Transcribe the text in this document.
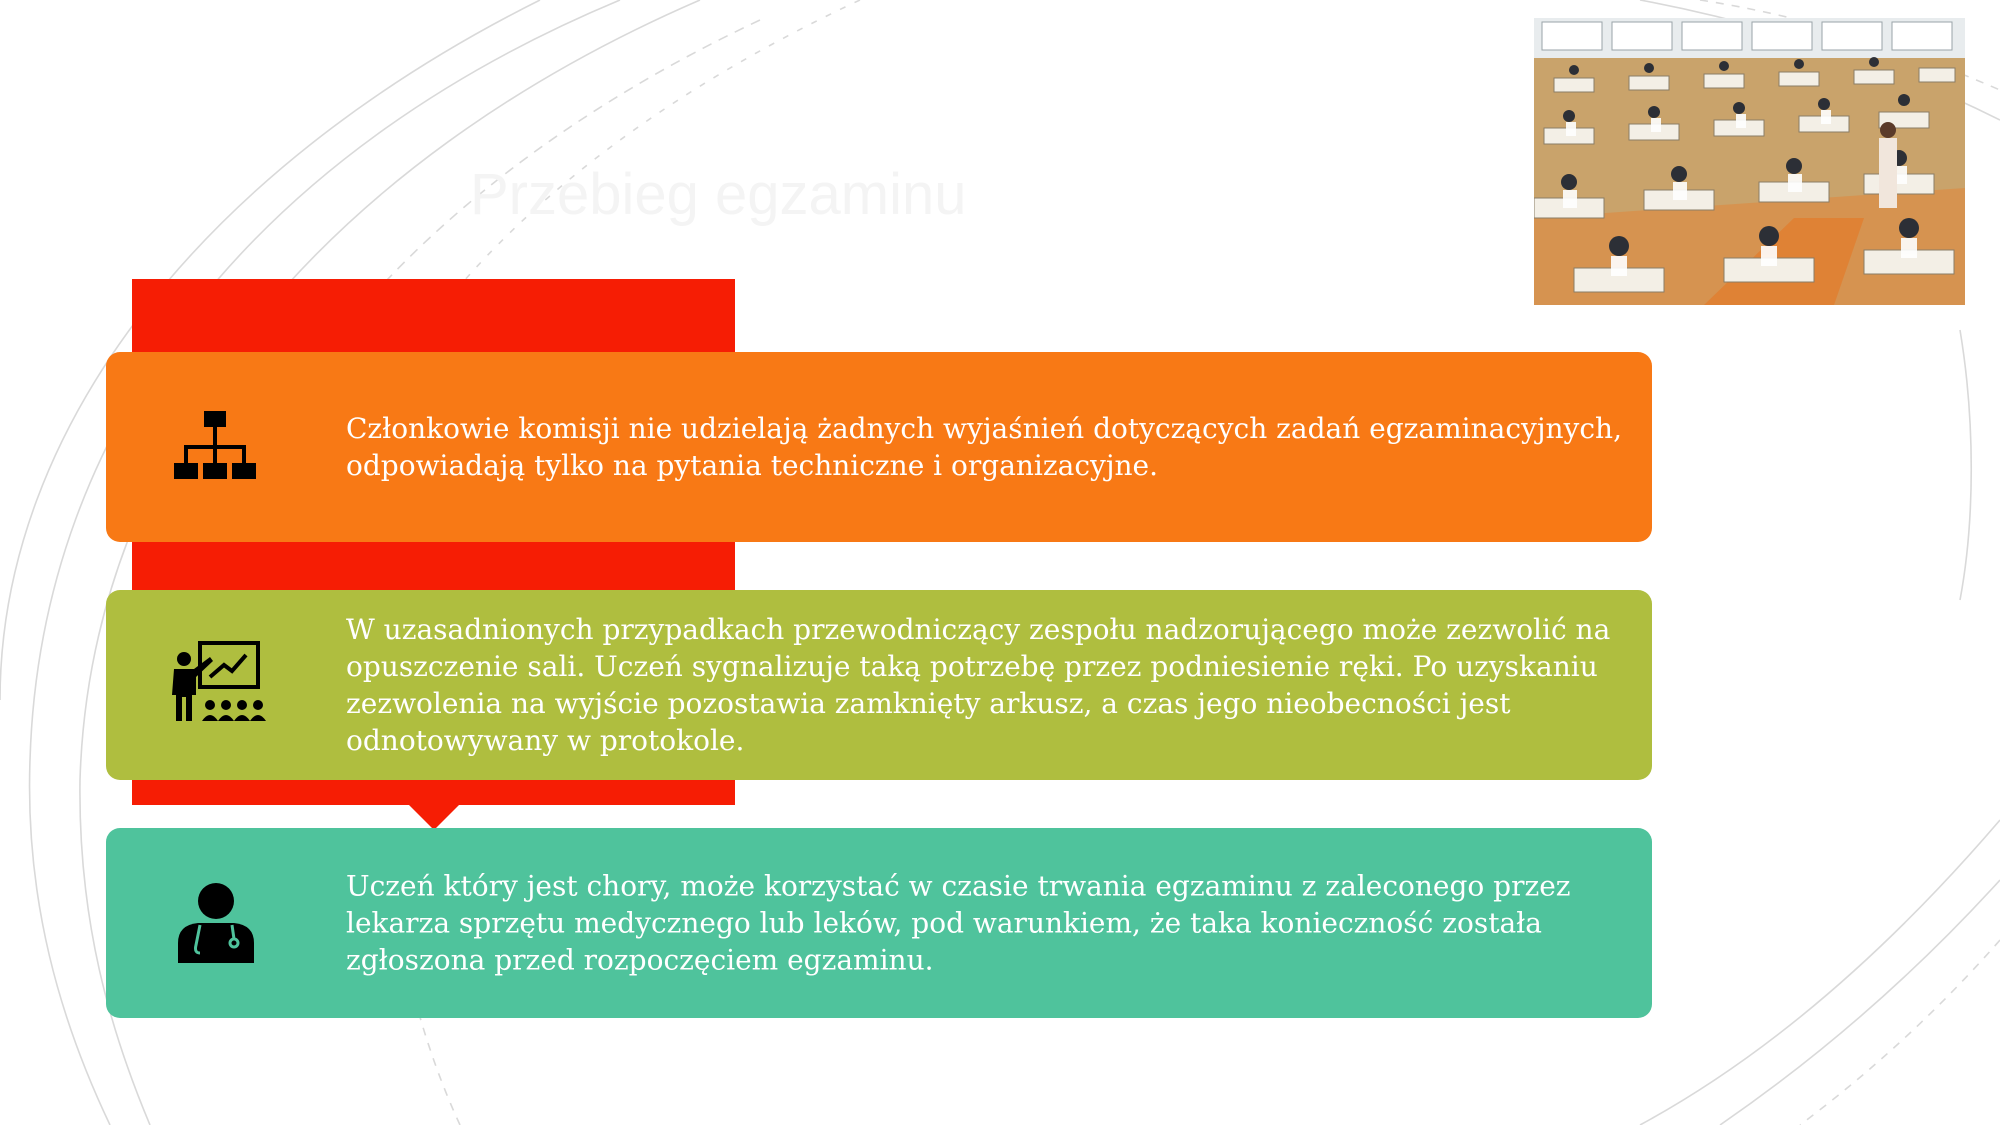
Przebieg egzaminu
Członkowie komisji nie udzielają żadnych wyjaśnień dotyczących zadań egzaminacyjnych, odpowiadają tylko na pytania techniczne i organizacyjne.
W uzasadnionych przypadkach przewodniczący zespołu nadzorującego może zezwolić na opuszczenie sali. Uczeń sygnalizuje taką potrzebę przez podniesienie ręki. Po uzyskaniu zezwolenia na wyjście pozostawia zamknięty arkusz, a czas jego nieobecności jest odnotowywany w protokole.
Uczeń który jest chory, może korzystać w czasie trwania egzaminu z zaleconego przez lekarza sprzętu medycznego lub leków, pod warunkiem, że taka konieczność została zgłoszona przed rozpoczęciem egzaminu.
